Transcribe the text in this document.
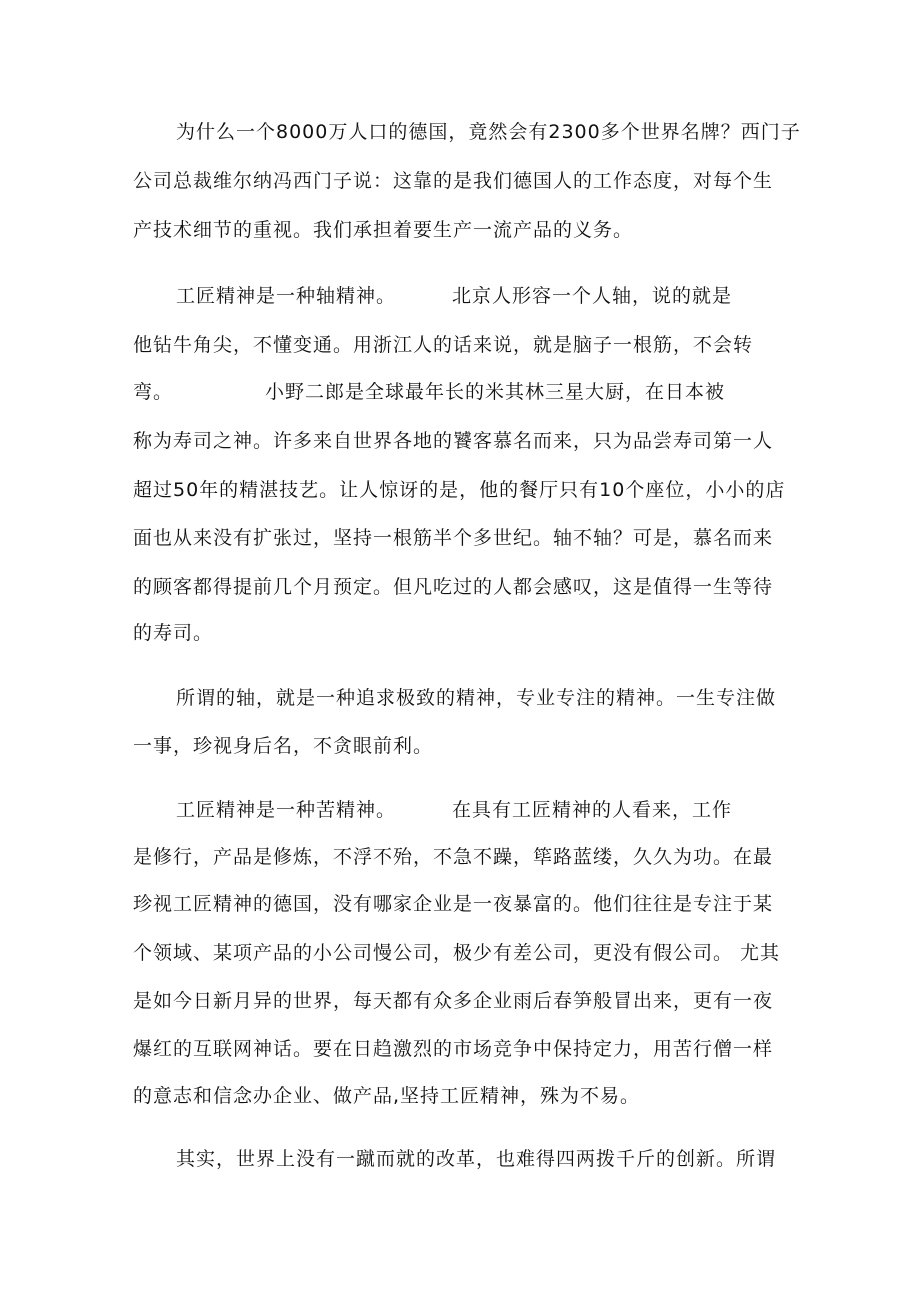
为什么一个8000万人口的德国，竟然会有2300多个世界名牌？西门子

公司总裁维尔纳冯西门子说：这靠的是我们德国人的工作态度，对每个生

产技术细节的重视。我们承担着要生产一流产品的义务。

工匠精神是一种轴精神。	北京人形容一个人轴，说的就是

他钻牛角尖，不懂变通。用浙江人的话来说，就是脑子一根筋，不会转

弯。	小野二郎是全球最年长的米其林三星大厨，在日本被

称为寿司之神。许多来自世界各地的饕客慕名而来，只为品尝寿司第一人

超过50年的精湛技艺。让人惊讶的是，他的餐厅只有10个座位，小小的店

面也从来没有扩张过，坚持一根筋半个多世纪。轴不轴？可是，慕名而来

的顾客都得提前几个月预定。但凡吃过的人都会感叹，这是值得一生等待

的寿司。

所谓的轴，就是一种追求极致的精神，专业专注的精神。一生专注做

一事，珍视身后名，不贪眼前利。

工匠精神是一种苦精神。	在具有工匠精神的人看来，工作

是修行，产品是修炼，不浮不殆，不急不躁，筚路蓝缕，久久为功。在最

珍视工匠精神的德国，没有哪家企业是一夜暴富的。他们往往是专注于某

个领域、某项产品的小公司慢公司，极少有差公司，更没有假公司。 尤其

是如今日新月异的世界，每天都有众多企业雨后春笋般冒出来，更有一夜

爆红的互联网神话。要在日趋激烈的市场竞争中保持定力，用苦行僧一样

的意志和信念办企业、做产品,坚持工匠精神，殊为不易。

其实，世界上没有一蹴而就的改革，也难得四两拨千斤的创新。所谓
